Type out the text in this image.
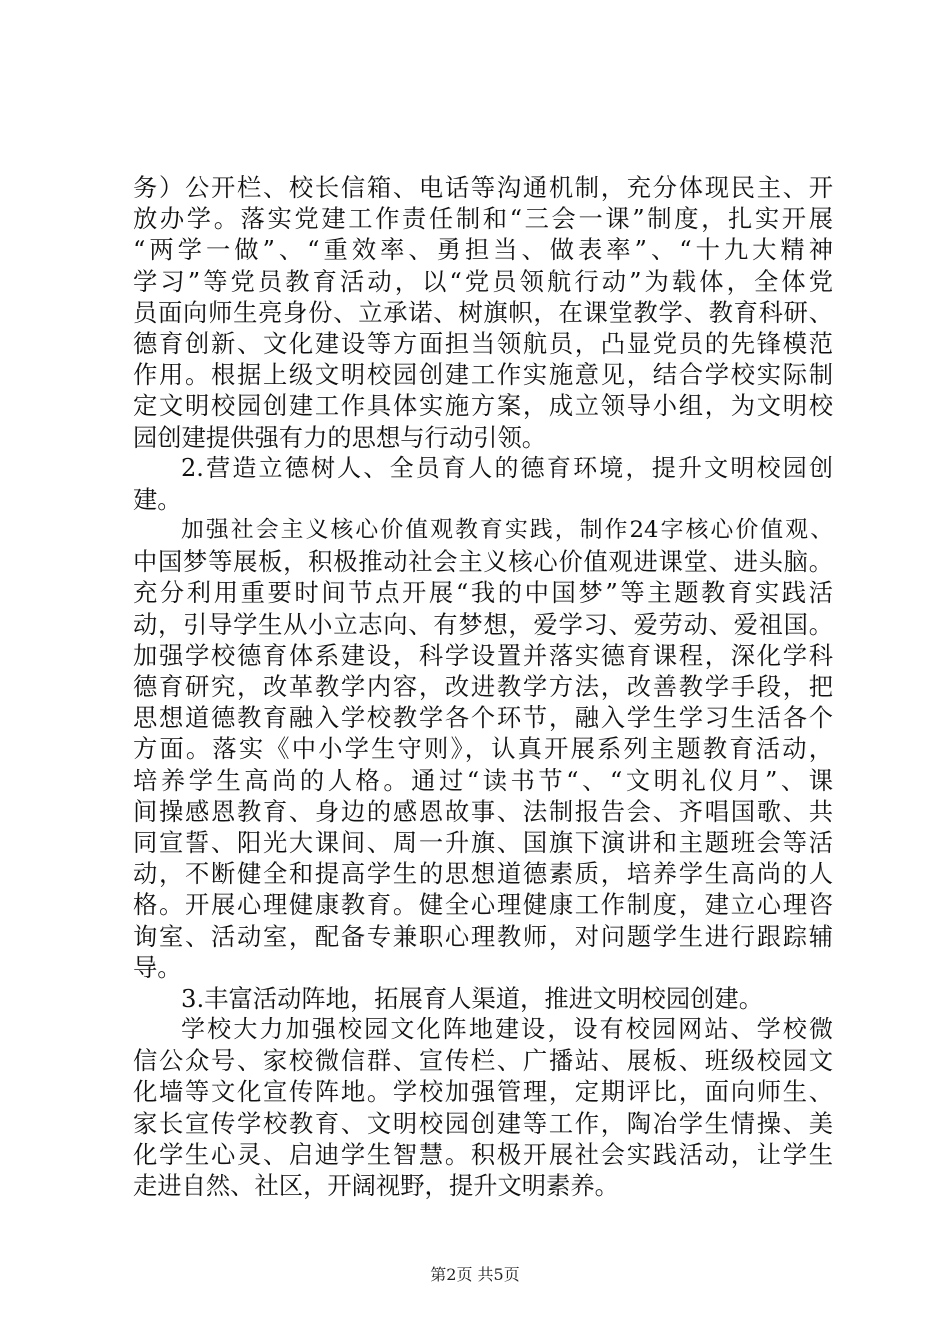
务）公开栏、校长信箱、电话等沟通机制，充分体现民主、开
放办学。落实党建工作责任制和“三会一课”制度，扎实开展
“两学一做”、“重效率、勇担当、做表率”、“十九大精神
学习”等党员教育活动，以“党员领航行动”为载体，全体党
员面向师生亮身份、立承诺、树旗帜，在课堂教学、教育科研、
德育创新、文化建设等方面担当领航员，凸显党员的先锋模范
作用。根据上级文明校园创建工作实施意见，结合学校实际制
定文明校园创建工作具体实施方案，成立领导小组，为文明校
园创建提供强有力的思想与行动引领。
2.营造立德树人、全员育人的德育环境，提升文明校园创
建。
加强社会主义核心价值观教育实践，制作24字核心价值观、
中国梦等展板，积极推动社会主义核心价值观进课堂、进头脑。
充分利用重要时间节点开展“我的中国梦”等主题教育实践活
动，引导学生从小立志向、有梦想，爱学习、爱劳动、爱祖国。
加强学校德育体系建设，科学设置并落实德育课程，深化学科
德育研究，改革教学内容，改进教学方法，改善教学手段，把
思想道德教育融入学校教学各个环节，融入学生学习生活各个
方面。落实《中小学生守则》，认真开展系列主题教育活动，
培养学生高尚的人格。通过“读书节“、“文明礼仪月”、课
间操感恩教育、身边的感恩故事、法制报告会、齐唱国歌、共
同宣誓、阳光大课间、周一升旗、国旗下演讲和主题班会等活
动，不断健全和提高学生的思想道德素质，培养学生高尚的人
格。开展心理健康教育。健全心理健康工作制度，建立心理咨
询室、活动室，配备专兼职心理教师，对问题学生进行跟踪辅
导。
3.丰富活动阵地，拓展育人渠道，推进文明校园创建。
学校大力加强校园文化阵地建设，设有校园网站、学校微
信公众号、家校微信群、宣传栏、广播站、展板、班级校园文
化墙等文化宣传阵地。学校加强管理，定期评比，面向师生、
家长宣传学校教育、文明校园创建等工作，陶冶学生情操、美
化学生心灵、启迪学生智慧。积极开展社会实践活动，让学生
走进自然、社区，开阔视野，提升文明素养。
第2页 共5页
